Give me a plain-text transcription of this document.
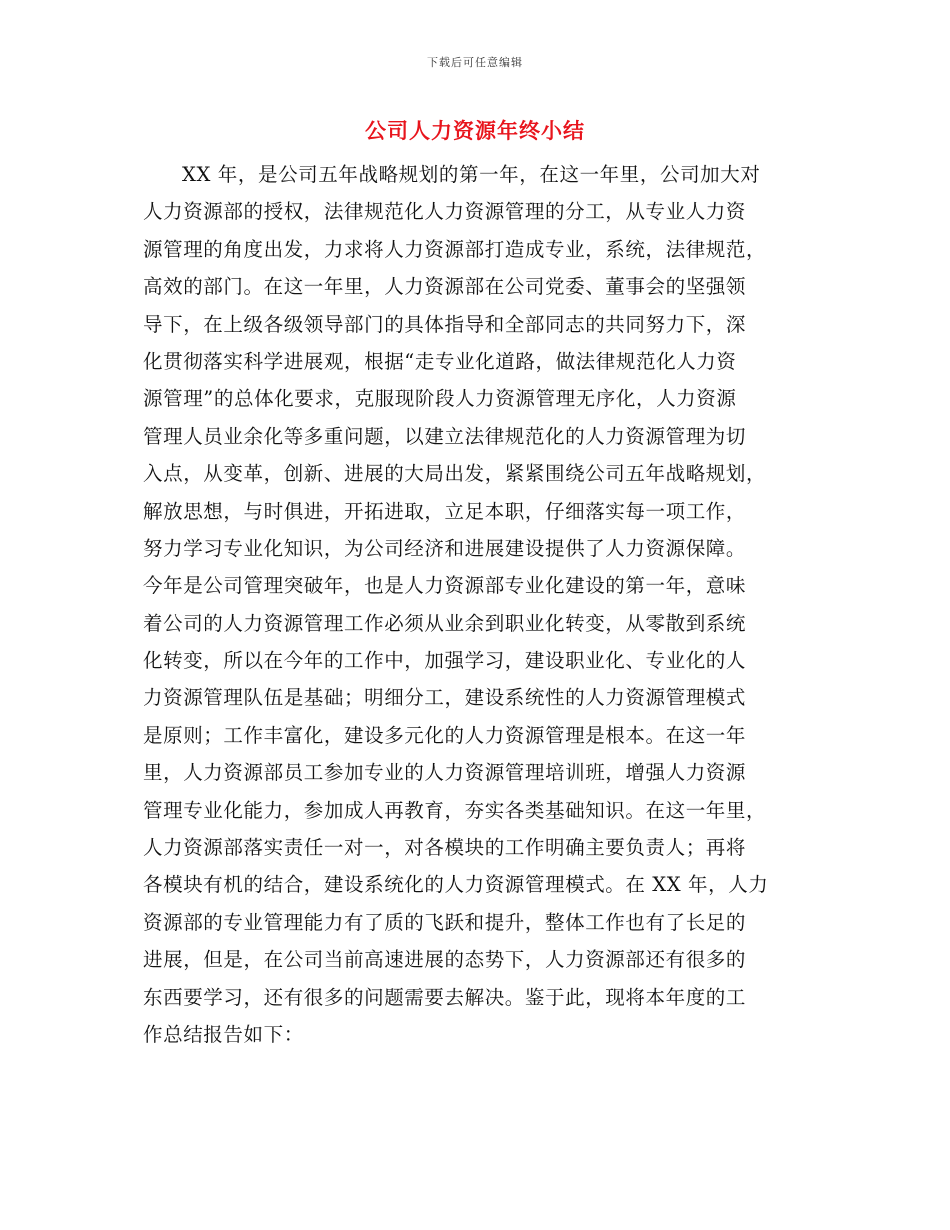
下载后可任意编辑
公司人力资源年终小结
XX 年，是公司五年战略规划的第一年，在这一年里，公司加大对
人力资源部的授权，法律规范化人力资源管理的分工，从专业人力资
源管理的角度出发，力求将人力资源部打造成专业，系统，法律规范，
高效的部门。在这一年里，人力资源部在公司党委、董事会的坚强领
导下，在上级各级领导部门的具体指导和全部同志的共同努力下，深
化贯彻落实科学进展观，根据“走专业化道路，做法律规范化人力资
源管理”的总体化要求，克服现阶段人力资源管理无序化，人力资源
管理人员业余化等多重问题，以建立法律规范化的人力资源管理为切
入点，从变革，创新、进展的大局出发，紧紧围绕公司五年战略规划，
解放思想，与时俱进，开拓进取，立足本职，仔细落实每一项工作，
努力学习专业化知识，为公司经济和进展建设提供了人力资源保障。
今年是公司管理突破年，也是人力资源部专业化建设的第一年，意味
着公司的人力资源管理工作必须从业余到职业化转变，从零散到系统
化转变，所以在今年的工作中，加强学习，建设职业化、专业化的人
力资源管理队伍是基础；明细分工，建设系统性的人力资源管理模式
是原则；工作丰富化，建设多元化的人力资源管理是根本。在这一年
里，人力资源部员工参加专业的人力资源管理培训班，增强人力资源
管理专业化能力，参加成人再教育，夯实各类基础知识。在这一年里，
人力资源部落实责任一对一，对各模块的工作明确主要负责人；再将
各模块有机的结合，建设系统化的人力资源管理模式。在 XX 年，人力
资源部的专业管理能力有了质的飞跃和提升，整体工作也有了长足的
进展，但是，在公司当前高速进展的态势下，人力资源部还有很多的
东西要学习，还有很多的问题需要去解决。鉴于此，现将本年度的工
作总结报告如下：
